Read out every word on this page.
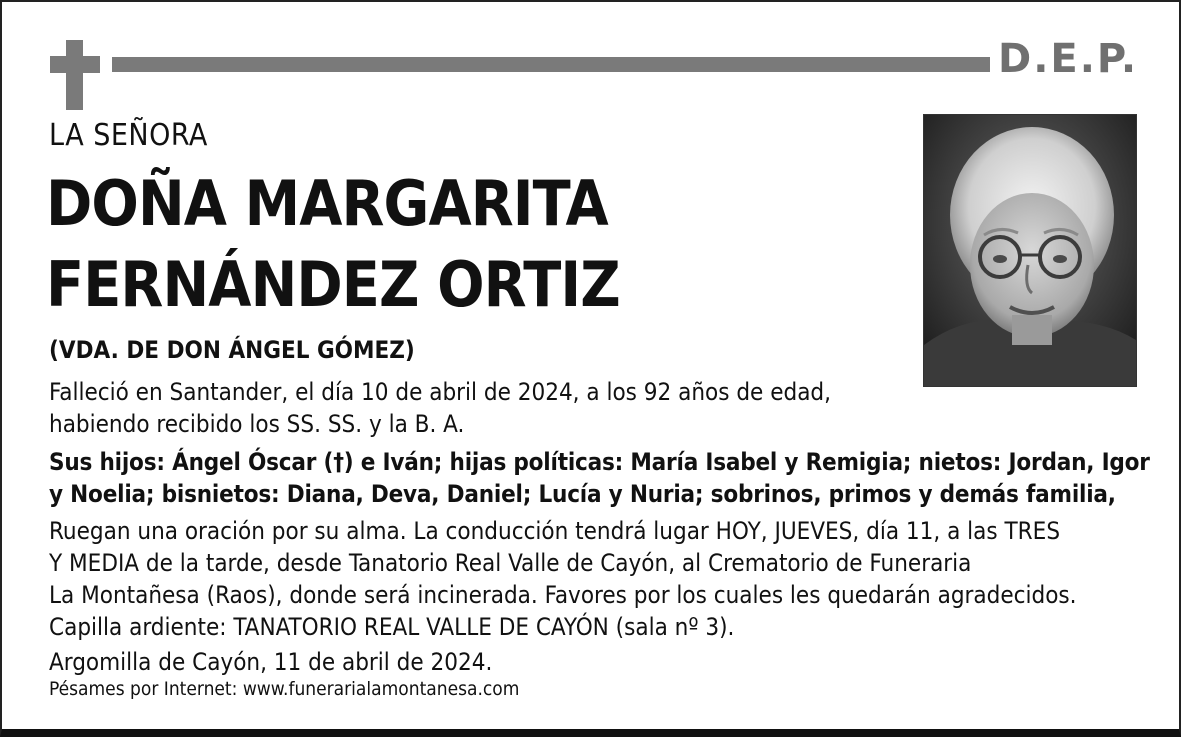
D.E.P.
LA SEÑORA
DOÑA MARGARITA
FERNÁNDEZ ORTIZ
(VDA. DE DON ÁNGEL GÓMEZ)
Falleció en Santander, el día 10 de abril de 2024, a los 92 años de edad,
habiendo recibido los SS. SS. y la B. A.
Sus hijos: Ángel Óscar (†) e Iván; hijas políticas: María Isabel y Remigia; nietos: Jordan, Igor
y Noelia; bisnietos: Diana, Deva, Daniel; Lucía y Nuria; sobrinos, primos y demás familia,
Ruegan una oración por su alma. La conducción tendrá lugar HOY, JUEVES, día 11, a las TRES
Y MEDIA de la tarde, desde Tanatorio Real Valle de Cayón, al Crematorio de Funeraria
La Montañesa (Raos), donde será incinerada. Favores por los cuales les quedarán agradecidos.
Capilla ardiente: TANATORIO REAL VALLE DE CAYÓN (sala nº 3).
Argomilla de Cayón, 11 de abril de 2024.
Pésames por Internet: www.funerarialamontanesa.com
